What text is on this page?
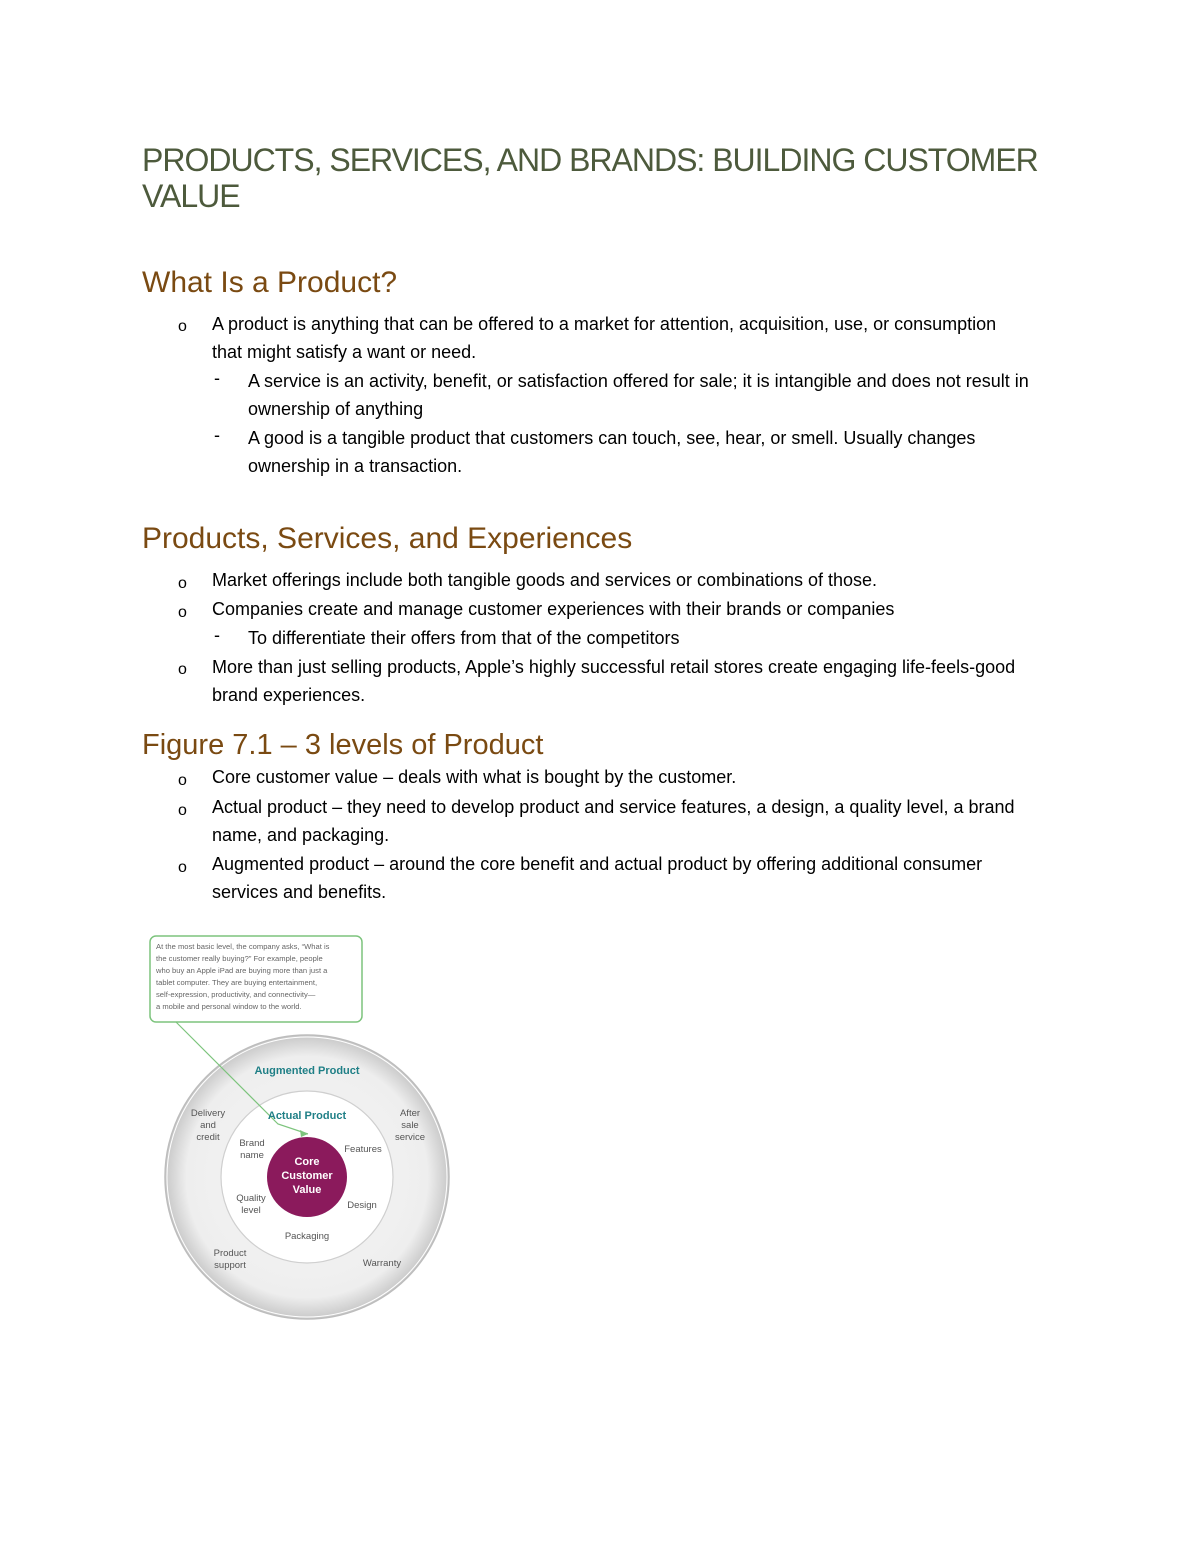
PRODUCTS, SERVICES, AND BRANDS: BUILDING CUSTOMER VALUE
What Is a Product?
o A product is anything that can be offered to a market for attention, acquisition, use, or consumption that might satisfy a want or need.
- A service is an activity, benefit, or satisfaction offered for sale; it is intangible and does not result in ownership of anything
- A good is a tangible product that customers can touch, see, hear, or smell. Usually changes ownership in a transaction.
Products, Services, and Experiences
o Market offerings include both tangible goods and services or combinations of those.
o Companies create and manage customer experiences with their brands or companies
- To differentiate their offers from that of the competitors
o More than just selling products, Apple’s highly successful retail stores create engaging life-feels-good brand experiences.
Figure 7.1 – 3 levels of Product
o Core customer value – deals with what is bought by the customer.
o Actual product – they need to develop product and service features, a design, a quality level, a brand name, and packaging.
o Augmented product – around the core benefit and actual product by offering additional consumer services and benefits.
At the most basic level, the company asks, “What is
the customer really buying?” For example, people
who buy an Apple iPad are buying more than just a
tablet computer. They are buying entertainment,
self-expression, productivity, and connectivity—
a mobile and personal window to the world.
Augmented Product
Actual Product
Core
Customer
Value
Delivery
and
credit
After
sale
service
Product
support	Warranty
Brand
name
Features
Quality
level	Design
Packaging
